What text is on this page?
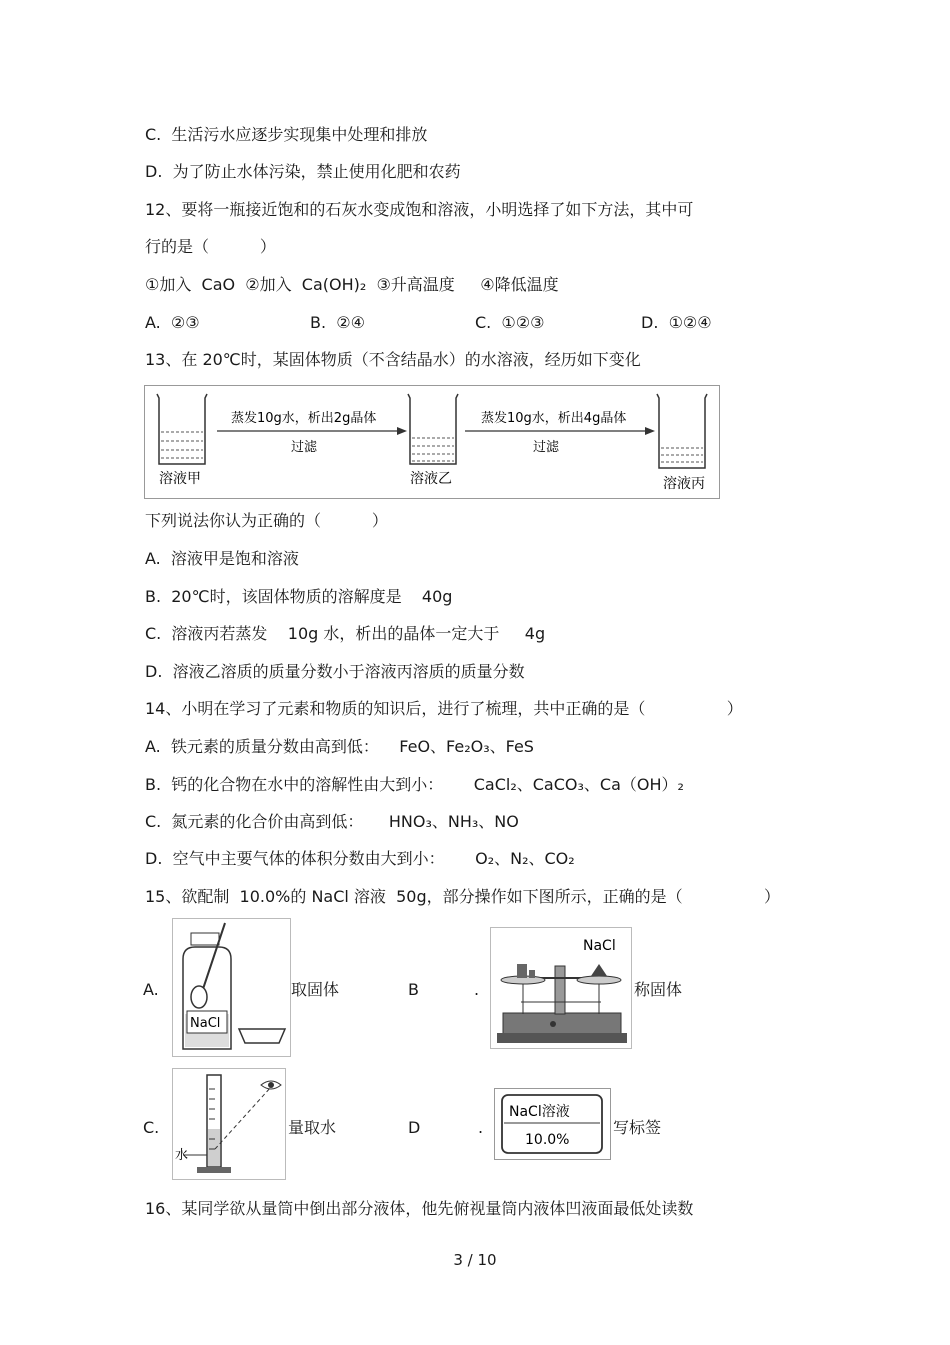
C.  生活污水应逐步实现集中处理和排放
D.  为了防止水体污染，禁止使用化肥和农药
12、要将一瓶接近饱和的石灰水变成饱和溶液，小明选择了如下方法，其中可
行的是（          ）
①加入  CaO  ②加入  Ca(OH)₂  ③升高温度     ④降低温度
A.  ②③	B.  ②④	C.  ①②③	D.  ①②④
13、在 20℃时，某固体物质（不含结晶水）的水溶液，经历如下变化
溶液甲
蒸发10g水，析出2g晶体
过滤
溶液乙
蒸发10g水，析出4g晶体
过滤
溶液丙
下列说法你认为正确的（          ）
A.  溶液甲是饱和溶液
B.  20℃时，该固体物质的溶解度是    40g
C.  溶液丙若蒸发    10g 水，析出的晶体一定大于     4g
D.  溶液乙溶质的质量分数小于溶液丙溶质的质量分数
14、小明在学习了元素和物质的知识后，进行了梳理，共中正确的是（                ）
A.  铁元素的质量分数由高到低：    FeO、Fe₂O₃、FeS
B.  钙的化合物在水中的溶解性由大到小：      CaCl₂、CaCO₃、Ca（OH）₂
C.  氮元素的化合价由高到低：     HNO₃、NH₃、NO
D.  空气中主要气体的体积分数由大到小：      O₂、N₂、CO₂
15、欲配制  10.0%的 NaCl 溶液  50g，部分操作如下图所示，正确的是（                ）
A.
NaCl
取固体	B	.
NaCl
称固体
C.
水
量取水	D	.
NaCl溶液
10.0%
写标签
16、某同学欲从量筒中倒出部分液体，他先俯视量筒内液体凹液面最低处读数
3 / 10
